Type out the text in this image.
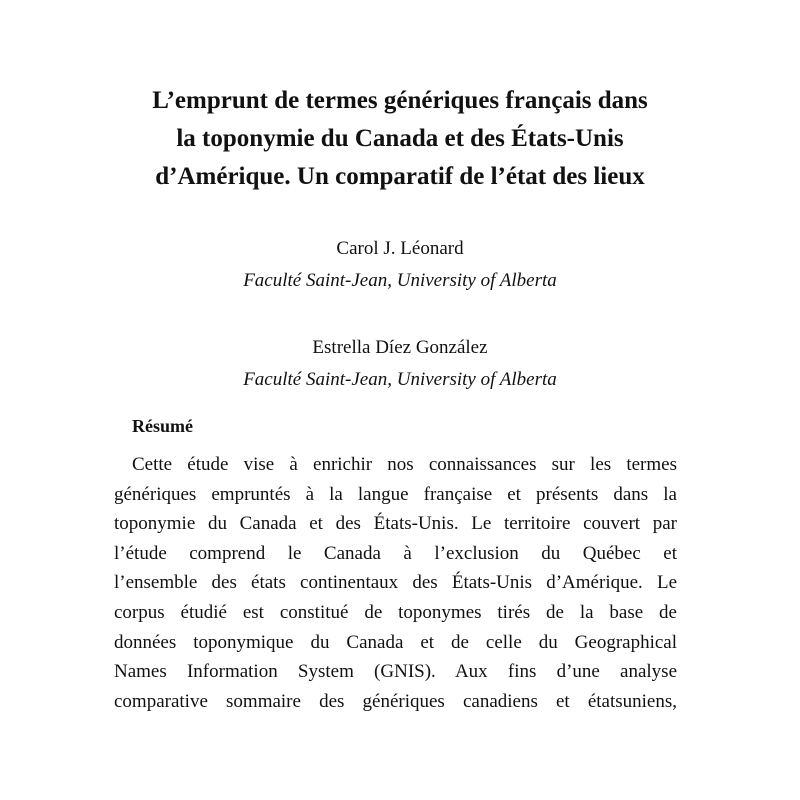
L’emprunt de termes génériques français dans
la toponymie du Canada et des États-Unis
d’Amérique. Un comparatif de l’état des lieux
Carol J. Léonard
Faculté Saint-Jean, University of Alberta
Estrella Díez González
Faculté Saint-Jean, University of Alberta
Résumé
Cette étude vise à enrichir nos connaissances sur les termes
génériques empruntés à la langue française et présents dans la
toponymie du Canada et des États-Unis. Le territoire couvert par
l’étude comprend le Canada à l’exclusion du Québec et
l’ensemble des états continentaux des États-Unis d’Amérique. Le
corpus étudié est constitué de toponymes tirés de la base de
données toponymique du Canada et de celle du Geographical
Names Information System (GNIS). Aux fins d’une analyse
comparative sommaire des génériques canadiens et étatsuniens,
